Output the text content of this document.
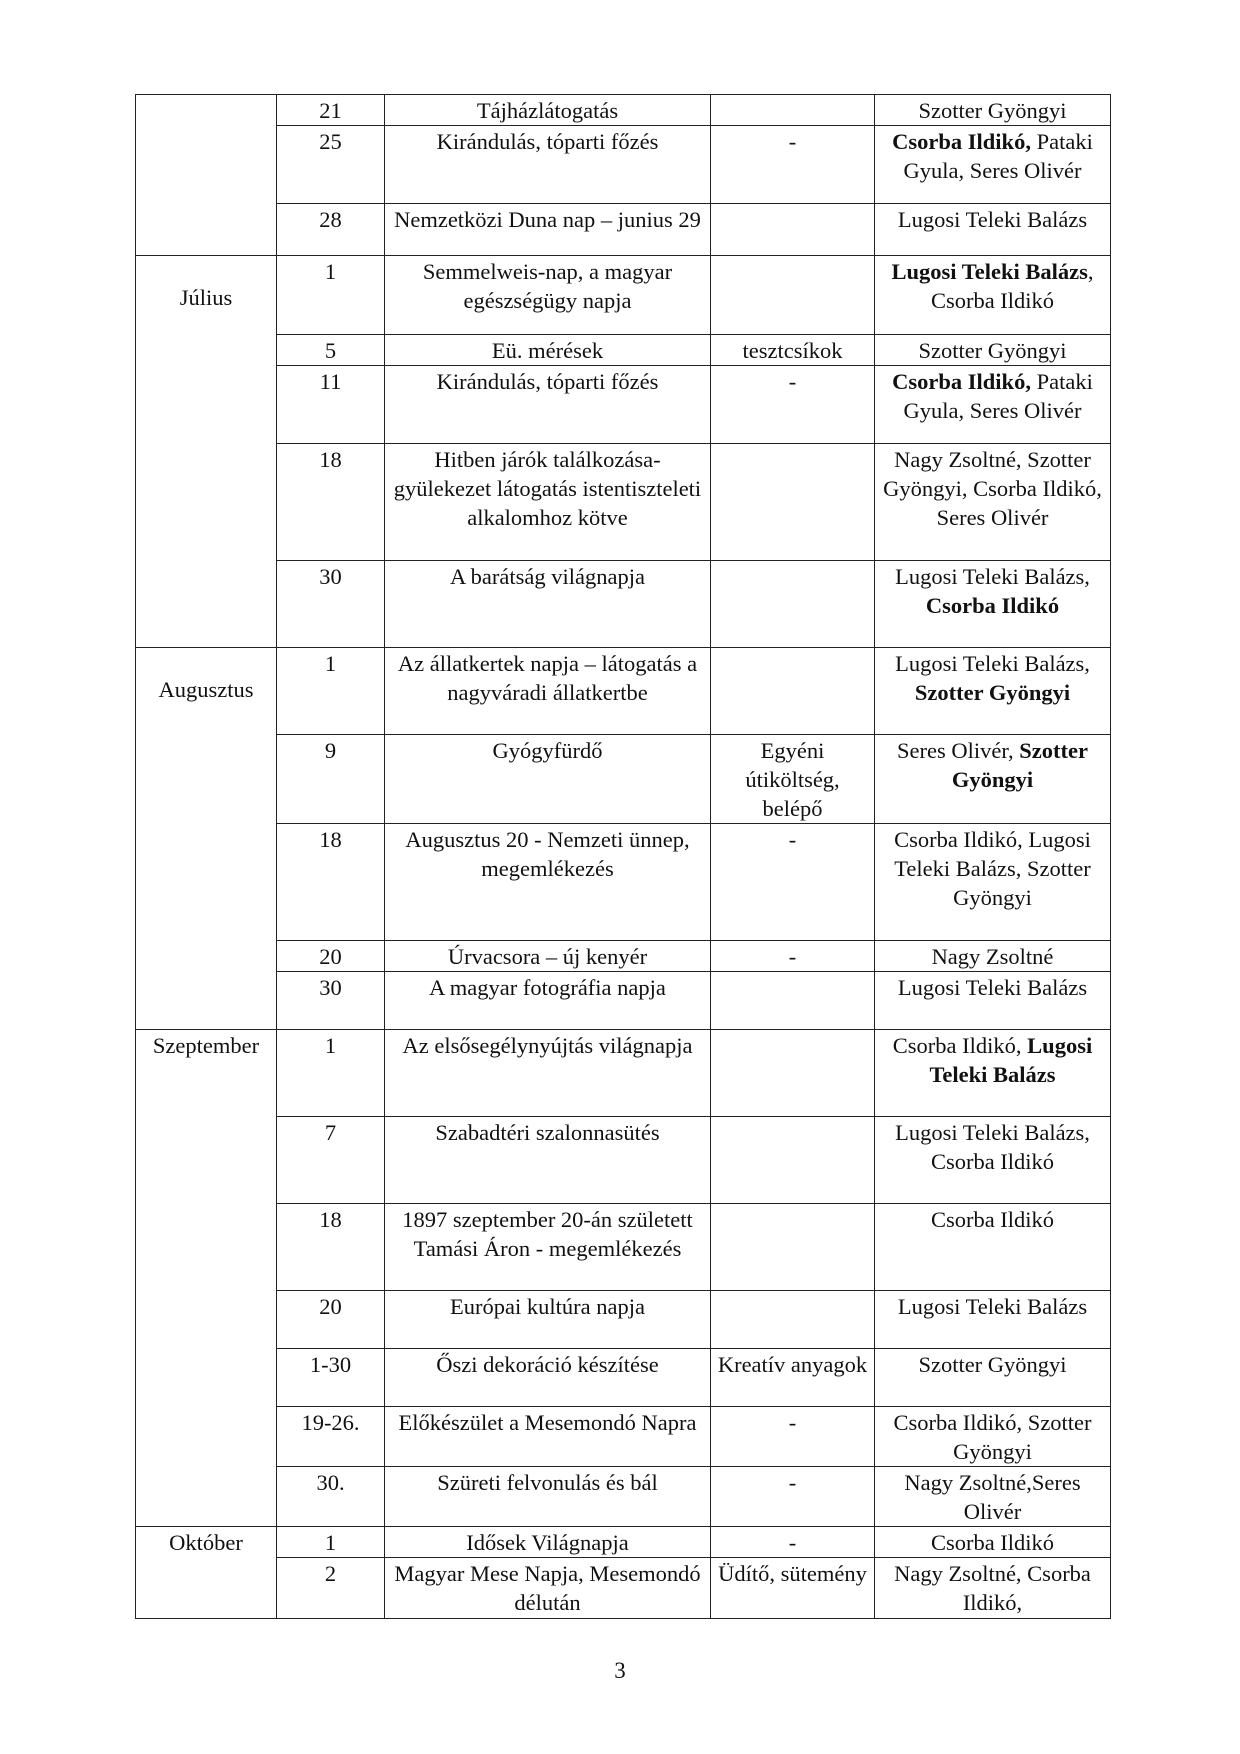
	21	Tájházlátogatás		Szotter Gyöngyi
	25	Kirándulás, tóparti főzés	-	Csorba Ildikó, Pataki Gyula, Seres Olivér
	28	Nemzetközi Duna nap – junius 29		Lugosi Teleki Balázs

Július	1	Semmelweis-nap, a magyar egészségügy napja		Lugosi Teleki Balázs, Csorba Ildikó
	5	Eü. mérések	tesztcsíkok	Szotter Gyöngyi
	11	Kirándulás, tóparti főzés	-	Csorba Ildikó, Pataki Gyula, Seres Olivér
	18	Hitben járók találkozása- gyülekezet látogatás istentiszteleti alkalomhoz kötve		Nagy Zsoltné, Szotter Gyöngyi, Csorba Ildikó, Seres Olivér
	30	A barátság világnapja		Lugosi Teleki Balázs, Csorba Ildikó

Augusztus	1	Az állatkertek napja – látogatás a nagyváradi állatkertbe		Lugosi Teleki Balázs, Szotter Gyöngyi
	9	Gyógyfürdő	Egyéni útiköltség, belépő	Seres Olivér, Szotter Gyöngyi
	18	Augusztus 20 - Nemzeti ünnep, megemlékezés	-	Csorba Ildikó, Lugosi Teleki Balázs, Szotter Gyöngyi
	20	Úrvacsora – új kenyér	-	Nagy Zsoltné
	30	A magyar fotográfia napja		Lugosi Teleki Balázs

Szeptember	1	Az elsősegélynyújtás világnapja		Csorba Ildikó, Lugosi Teleki Balázs
	7	Szabadtéri szalonnasütés		Lugosi Teleki Balázs, Csorba Ildikó
	18	1897 szeptember 20-án született Tamási Áron - megemlékezés		Csorba Ildikó
	20	Európai kultúra napja		Lugosi Teleki Balázs
	1-30	Őszi dekoráció készítése	Kreatív anyagok	Szotter Gyöngyi
	19-26.	Előkészület a Mesemondó Napra	-	Csorba Ildikó, Szotter Gyöngyi
	30.	Szüreti felvonulás és bál	-	Nagy Zsoltné,Seres Olivér

Október	1	Idősek Világnapja	-	Csorba Ildikó
	2	Magyar Mese Napja, Mesemondó délután	Üdítő, sütemény	Nagy Zsoltné, Csorba Ildikó,
3
